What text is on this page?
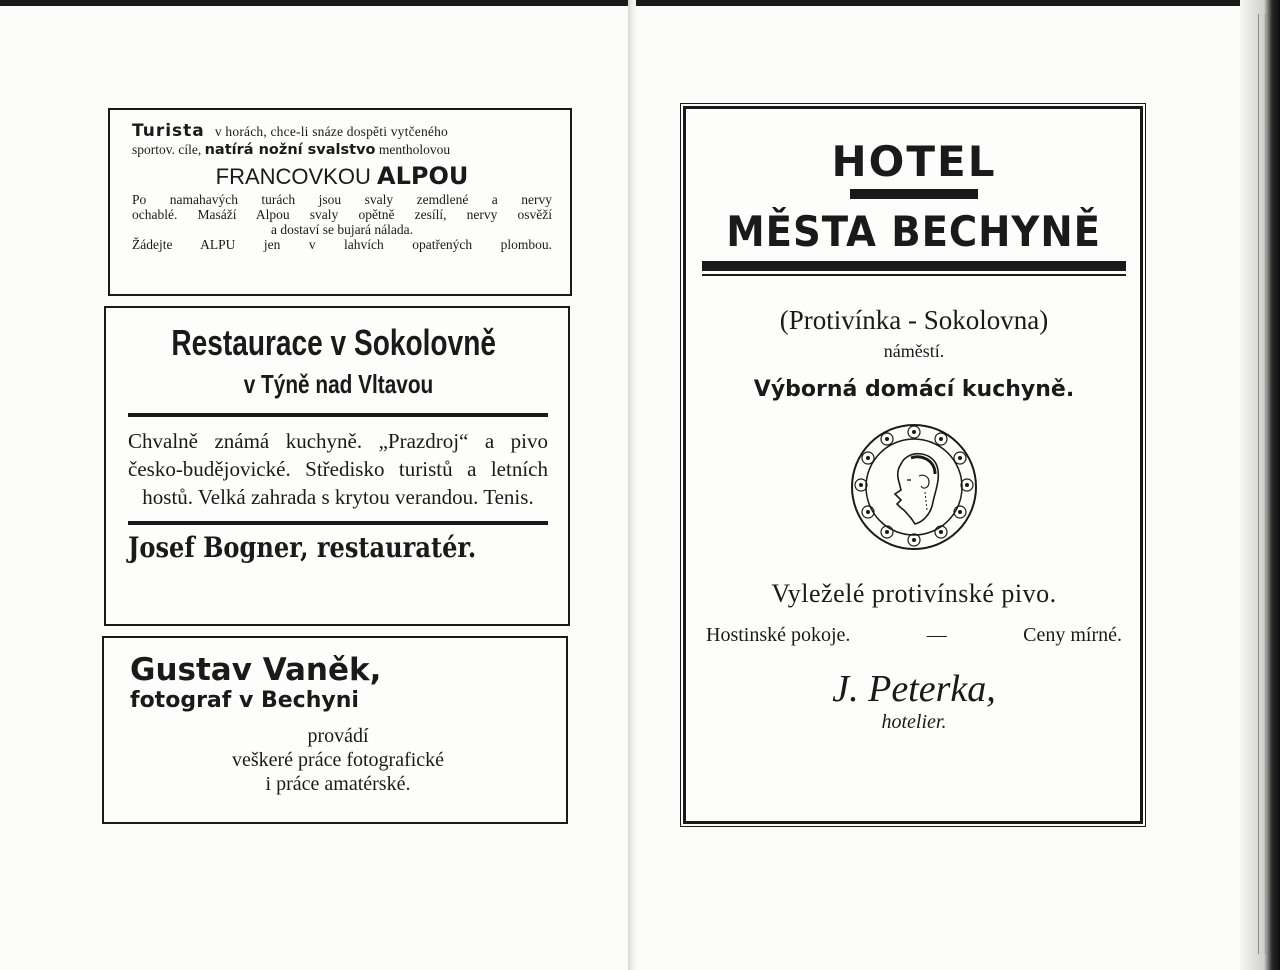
Turista v horách, chce-li snáze dospěti vytčeného
sportov. cíle, natírá nožní svalstvo mentholovou
FRANCOVKOU ALPOU
Po namahavých turách jsou svaly zemdlené a nervy
ochablé. Masáží Alpou svaly opětně zesílí, nervy osvěží
a dostaví se bujará nálada.
Žádejte ALPU jen v lahvích opatřených plombou.
Restaurace v Sokolovně
v Týně nad Vltavou
Chvalně známá kuchyně. „Prazdroj“ a pivo česko-budějovické. Středisko turistů a letních hostů. Velká zahrada s krytou verandou. Tenis.
Josef Bogner, restauratér.
Gustav Vaněk,
fotograf v Bechyni
provádí
veškeré práce fotografické
i práce amatérské.
HOTEL
MĚSTA BECHYNĚ
(Protivínka - Sokolovna)
náměstí.
Výborná domácí kuchyně.
Vyleželé protivínské pivo.
Hostinské pokoje.	—	Ceny mírné.
J. Peterka,
hotelier.
